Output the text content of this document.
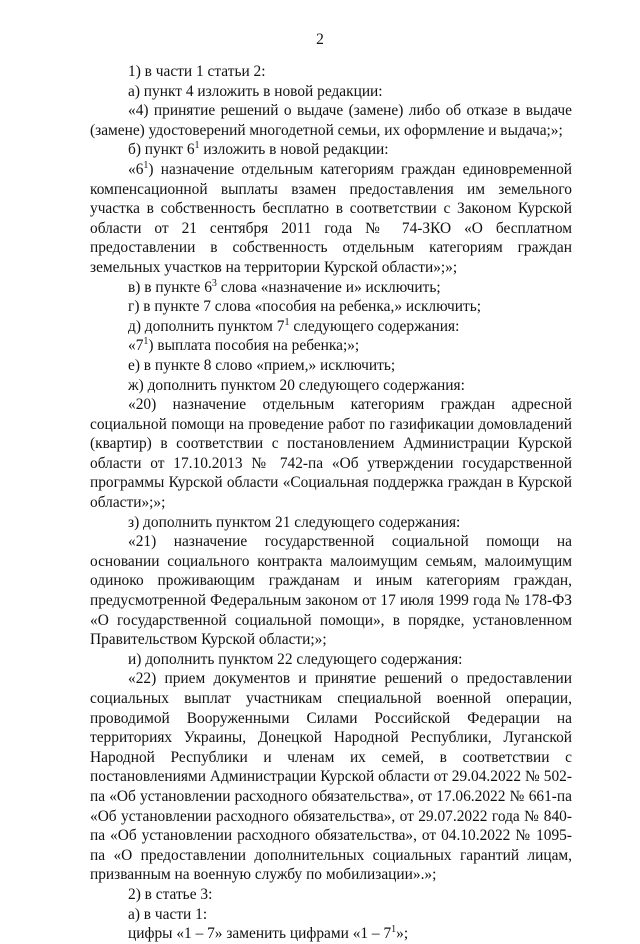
2

1) в части 1 статьи 2:

а) пункт 4 изложить в новой редакции:

«4) принятие решений о выдаче (замене) либо об отказе в выдаче (замене) удостоверений многодетной семьи, их оформление и выдача;»;

б) пункт $6^1$ изложить в новой редакции:

«$6^1$) назначение отдельным категориям граждан единовременной компенсационной выплаты взамен предоставления им земельного участка в собственность бесплатно в соответствии с Законом Курской области от 21 сентября 2011 года № 74-ЗКО «О бесплатном предоставлении в собственность отдельным категориям граждан земельных участков на территории Курской области»;»;

в) в пункте $6^3$ слова «назначение и» исключить;

г) в пункте 7 слова «пособия на ребенка,» исключить;

д) дополнить пунктом $7^1$ следующего содержания:

«$7^1$) выплата пособия на ребенка;»;

е) в пункте 8 слово «прием,» исключить;

ж) дополнить пунктом 20 следующего содержания:

«20) назначение отдельным категориям граждан адресной социальной помощи на проведение работ по газификации домовладений (квартир) в соответствии с постановлением Администрации Курской области от 17.10.2013 № 742-па «Об утверждении государственной программы Курской области «Социальная поддержка граждан в Курской области»;»;

з) дополнить пунктом 21 следующего содержания:

«21) назначение государственной социальной помощи на основании социального контракта малоимущим семьям, малоимущим одиноко проживающим гражданам и иным категориям граждан, предусмотренной Федеральным законом от 17 июля 1999 года № 178-ФЗ «О государственной социальной помощи», в порядке, установленном Правительством Курской области;»;

и) дополнить пунктом 22 следующего содержания:

«22) прием документов и принятие решений о предоставлении социальных выплат участникам специальной военной операции, проводимой Вооруженными Силами Российской Федерации на территориях Украины, Донецкой Народной Республики, Луганской Народной Республики и членам их семей, в соответствии с постановлениями Администрации Курской области от 29.04.2022 № 502-па «Об установлении расходного обязательства», от 17.06.2022 № 661-па «Об установлении расходного обязательства», от 29.07.2022 года № 840-па «Об установлении расходного обязательства», от 04.10.2022 № 1095-па «О предоставлении дополнительных социальных гарантий лицам, призванным на военную службу по мобилизации».»;

2) в статье 3:

а) в части 1:

цифры «1 – 7» заменить цифрами «$1 - 7^1$»;
